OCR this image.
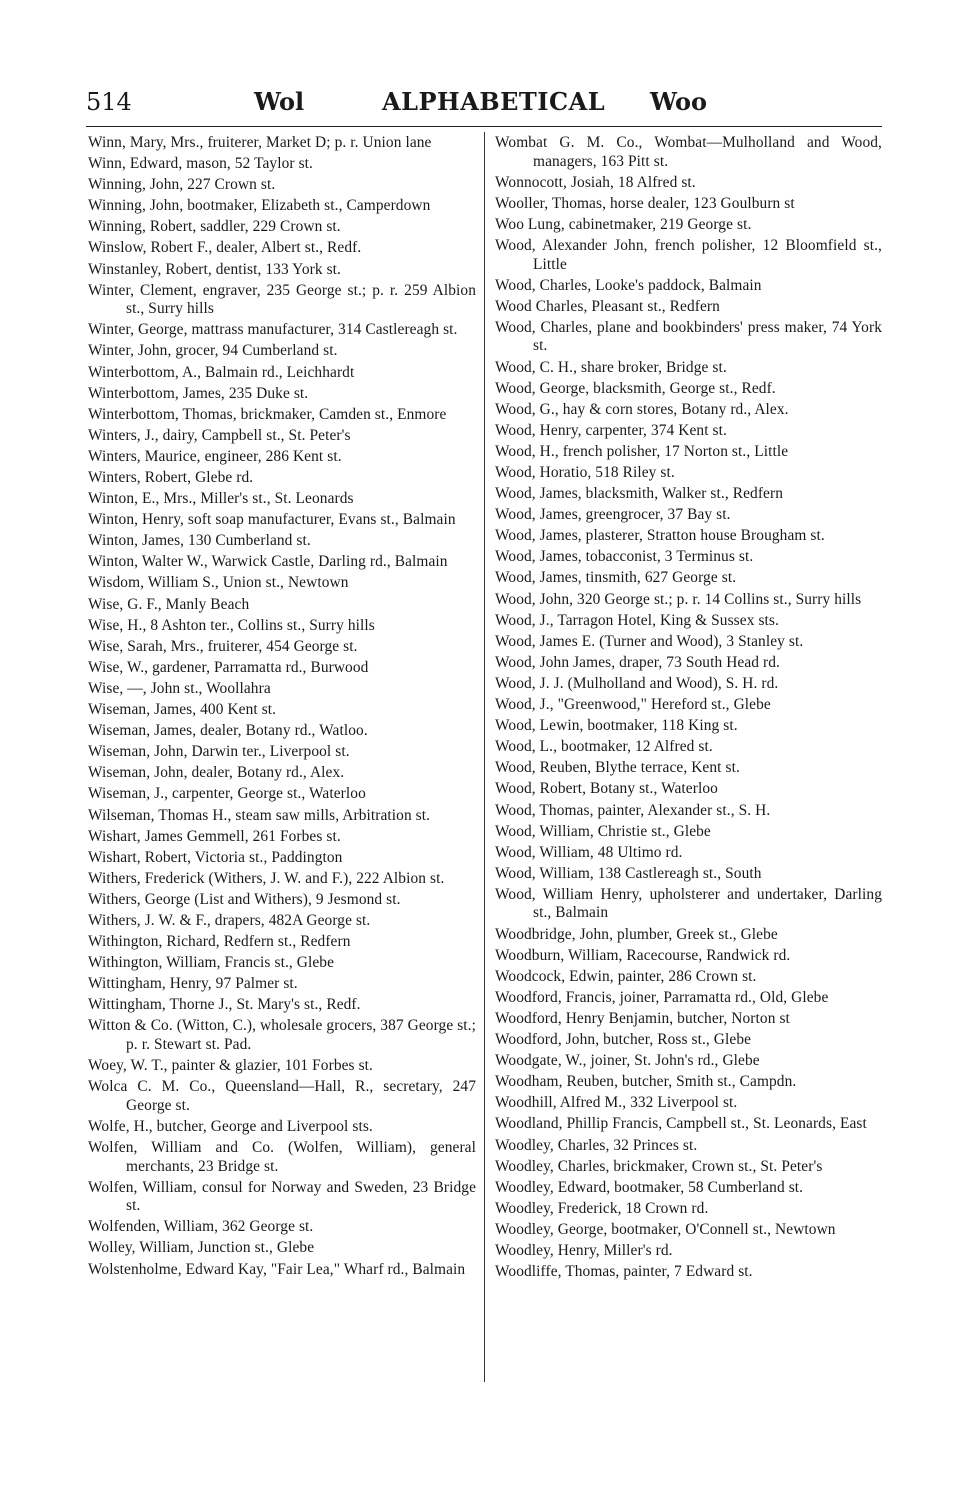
514	Wol	ALPHABETICAL Woo
Winn, Mary, Mrs., fruiterer, Market D; p. r. Union lane
Winn, Edward, mason, 52 Taylor st.
Winning, John, 227 Crown st.
Winning, John, bootmaker, Elizabeth st., Camperdown
Winning, Robert, saddler, 229 Crown st.
Winslow, Robert F., dealer, Albert st., Redf.
Winstanley, Robert, dentist, 133 York st.
Winter, Clement, engraver, 235 George st.; p. r. 259 Albion st., Surry hills
Winter, George, mattrass manufacturer, 314 Castlereagh st.
Winter, John, grocer, 94 Cumberland st.
Winterbottom, A., Balmain rd., Leichhardt
Winterbottom, James, 235 Duke st.
Winterbottom, Thomas, brickmaker, Camden st., Enmore
Winters, J., dairy, Campbell st., St. Peter's
Winters, Maurice, engineer, 286 Kent st.
Winters, Robert, Glebe rd.
Winton, E., Mrs., Miller's st., St. Leonards
Winton, Henry, soft soap manufacturer, Evans st., Balmain
Winton, James, 130 Cumberland st.
Winton, Walter W., Warwick Castle, Darling rd., Balmain
Wisdom, William S., Union st., Newtown
Wise, G. F., Manly Beach
Wise, H., 8 Ashton ter., Collins st., Surry hills
Wise, Sarah, Mrs., fruiterer, 454 George st.
Wise, W., gardener, Parramatta rd., Burwood
Wise, —, John st., Woollahra
Wiseman, James, 400 Kent st.
Wiseman, James, dealer, Botany rd., Watloo.
Wiseman, John, Darwin ter., Liverpool st.
Wiseman, John, dealer, Botany rd., Alex.
Wiseman, J., carpenter, George st., Waterloo
Wilseman, Thomas H., steam saw mills, Arbitration st.
Wishart, James Gemmell, 261 Forbes st.
Wishart, Robert, Victoria st., Paddington
Withers, Frederick (Withers, J. W. and F.), 222 Albion st.
Withers, George (List and Withers), 9 Jesmond st.
Withers, J. W. & F., drapers, 482A George st.
Withington, Richard, Redfern st., Redfern
Withington, William, Francis st., Glebe
Wittingham, Henry, 97 Palmer st.
Wittingham, Thorne J., St. Mary's st., Redf.
Witton & Co. (Witton, C.), wholesale grocers, 387 George st.; p. r. Stewart st. Pad.
Woey, W. T., painter & glazier, 101 Forbes st.
Wolca C. M. Co., Queensland—Hall, R., secretary, 247 George st.
Wolfe, H., butcher, George and Liverpool sts.
Wolfen, William and Co. (Wolfen, William), general merchants, 23 Bridge st.
Wolfen, William, consul for Norway and Sweden, 23 Bridge st.
Wolfenden, William, 362 George st.
Wolley, William, Junction st., Glebe
Wolstenholme, Edward Kay, "Fair Lea," Wharf rd., Balmain
Wombat G. M. Co., Wombat—Mulholland and Wood, managers, 163 Pitt st.
Wonnocott, Josiah, 18 Alfred st.
Wooller, Thomas, horse dealer, 123 Goulburn st
Woo Lung, cabinetmaker, 219 George st.
Wood, Alexander John, french polisher, 12 Bloomfield st., Little
Wood, Charles, Looke's paddock, Balmain
Wood Charles, Pleasant st., Redfern
Wood, Charles, plane and bookbinders' press maker, 74 York st.
Wood, C. H., share broker, Bridge st.
Wood, George, blacksmith, George st., Redf.
Wood, G., hay & corn stores, Botany rd., Alex.
Wood, Henry, carpenter, 374 Kent st.
Wood, H., french polisher, 17 Norton st., Little
Wood, Horatio, 518 Riley st.
Wood, James, blacksmith, Walker st., Redfern
Wood, James, greengrocer, 37 Bay st.
Wood, James, plasterer, Stratton house Brougham st.
Wood, James, tobacconist, 3 Terminus st.
Wood, James, tinsmith, 627 George st.
Wood, John, 320 George st.; p. r. 14 Collins st., Surry hills
Wood, J., Tarragon Hotel, King & Sussex sts.
Wood, James E. (Turner and Wood), 3 Stanley st.
Wood, John James, draper, 73 South Head rd.
Wood, J. J. (Mulholland and Wood), S. H. rd.
Wood, J., "Greenwood," Hereford st., Glebe
Wood, Lewin, bootmaker, 118 King st.
Wood, L., bootmaker, 12 Alfred st.
Wood, Reuben, Blythe terrace, Kent st.
Wood, Robert, Botany st., Waterloo
Wood, Thomas, painter, Alexander st., S. H.
Wood, William, Christie st., Glebe
Wood, William, 48 Ultimo rd.
Wood, William, 138 Castlereagh st., South
Wood, William Henry, upholsterer and undertaker, Darling st., Balmain
Woodbridge, John, plumber, Greek st., Glebe
Woodburn, William, Racecourse, Randwick rd.
Woodcock, Edwin, painter, 286 Crown st.
Woodford, Francis, joiner, Parramatta rd., Old, Glebe
Woodford, Henry Benjamin, butcher, Norton st
Woodford, John, butcher, Ross st., Glebe
Woodgate, W., joiner, St. John's rd., Glebe
Woodham, Reuben, butcher, Smith st., Campdn.
Woodhill, Alfred M., 332 Liverpool st.
Woodland, Phillip Francis, Campbell st., St. Leonards, East
Woodley, Charles, 32 Princes st.
Woodley, Charles, brickmaker, Crown st., St. Peter's
Woodley, Edward, bootmaker, 58 Cumberland st.
Woodley, Frederick, 18 Crown rd.
Woodley, George, bootmaker, O'Connell st., Newtown
Woodley, Henry, Miller's rd.
Woodliffe, Thomas, painter, 7 Edward st.
